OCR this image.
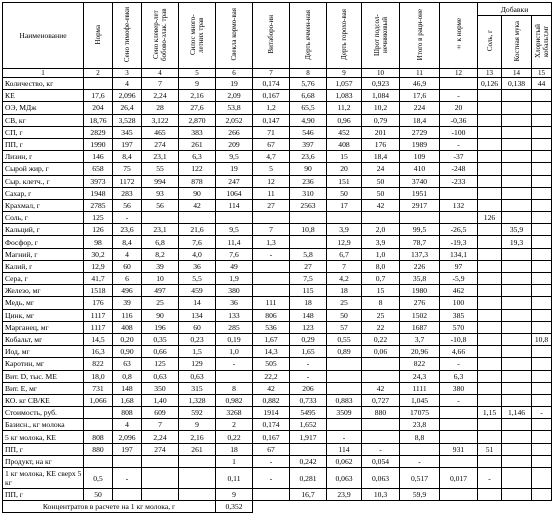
Наименование	Норма	Сено тимофе-евки	Сено клевер-лет бобово-злак. трав	Силос много-летних трав	Свекла кормо-вая	Витаборо-ин	Дерть ячмен-ная	Дерть горохо-вая	Шрот подсол-нечниковый	Итого в раци-оне	± к норме	Добавки		
												Соль, г	Костная мука	Хлористый кобальт,мг
1	2	3	4	5	6	7	8	9	10	11	12	13	14	15
Количество, кг		4	7	9	19	0,174	5,76	1,057	0,923	46,9		0,126	0,138	44
КЕ	17,6	2,096	2,24	2,16	2,09	0,167	6,68	1,083	1,084	17,6	-			
ОЭ, МДж	204	26,4	28	27,6	53,8	1,2	65,5	11,2	10,2	224	20			
СВ, кг	18,76	3,528	3,122	2,870	2,052	0,147	4,90	0,96	0,79	18,4	-0,36			
СП, г	2829	345	465	383	266	71	546	452	201	2729	-100			
ПП, г	1990	197	274	261	209	67	397	408	176	1989	-			
Лизин, г	146	8,4	23,1	6,3	9,5	4,7	23,6	15	18,4	109	-37			
Сырой жир, г	658	75	55	122	19	5	90	20	24	410	-248			
Сыр. клетч., г	3973	1172	994	878	247	12	236	151	50	3740	-233			
Сахар, г	1948	283	93	90	1064	11	310	50	50	1951				
Крахмал, г	2785	56	56	42	114	27	2563	17	42	2917	132			
Соль, г	125	-										126		
Кальций, г	126	23,6	23,1	21,6	9,5	7	10,8	3,9	2,0	99,5	-26,5		35,9	
Фосфор, г	98	8,4	6,8	7,6	11,4	1,3		12,9	3,9	78,7	-19,3		19,3	
Магний, г	30,2	4	8,2	4,0	7,6	-	5,8	6,7	1,0	137,3	134,1			
Калий, г	12,9	60	39	36	49		27	7	8,0	226	97			
Сера, г	41,7	6	10	5,5	1,9		7,5	4,2	0,7	35,8	-5,9			
Железо, мг	1518	496	497	459	380		115	18	15	1980	462			
Медь, мг	176	39	25	14	36	111	18	25	8	276	100			
Цинк, мг	1117	116	90	134	133	806	148	50	25	1502	385			
Марганец, мг	1117	408	196	60	285	536	123	57	22	1687	570			
Кобальт, мг	14,5	0,20	0,35	0,23	0,19	1,67	0,29	0,55	0,22	3,7	-10,8			10,8
Иод, мг	16,3	0,90	0,66	1,5	1,0	14,3	1,65	0,89	0,06	20,96	4,66			
Каротин, мг	822	63	125	129	-	505	-			822	-			
Вит. D, тыс. МЕ	18,0	0,8	0,63	0,63		22,2	-			24,3	6,3			
Вит. Е, мг	731	148	350	315	8	42	206		42	1111	380			
КО. кг СВ/КЕ	1,066	1,68	1,40	1,328	0,982	0,882	0,733	0,883	0,727	1,045	-			
Стоимость, руб.		808	609	592	3268	1914	5495	3509	880	17075		1,15	1,146	-
Базисн., кг молока		4	7	9	2	0,174	1,652			23,8				
5 кг молока, КЕ	808	2,096	2,24	2,16	0,22	0,167	1,917	-		8,8				
ПП, г	880	197	274	261	18	67		114	-		931	51		
Продукт, на кг					1	-	0,242	0,062	0,054	-				
1 кг молока, КЕ сверх 5 кг	0,5	-			0,11	-	0,281	0,063	0,063	0,517	0,017	-		
ПП, г	50				9		16,7	23,9	10,3	59,9				
Концентратов в расчете на 1 кг молока, г					0,352									
